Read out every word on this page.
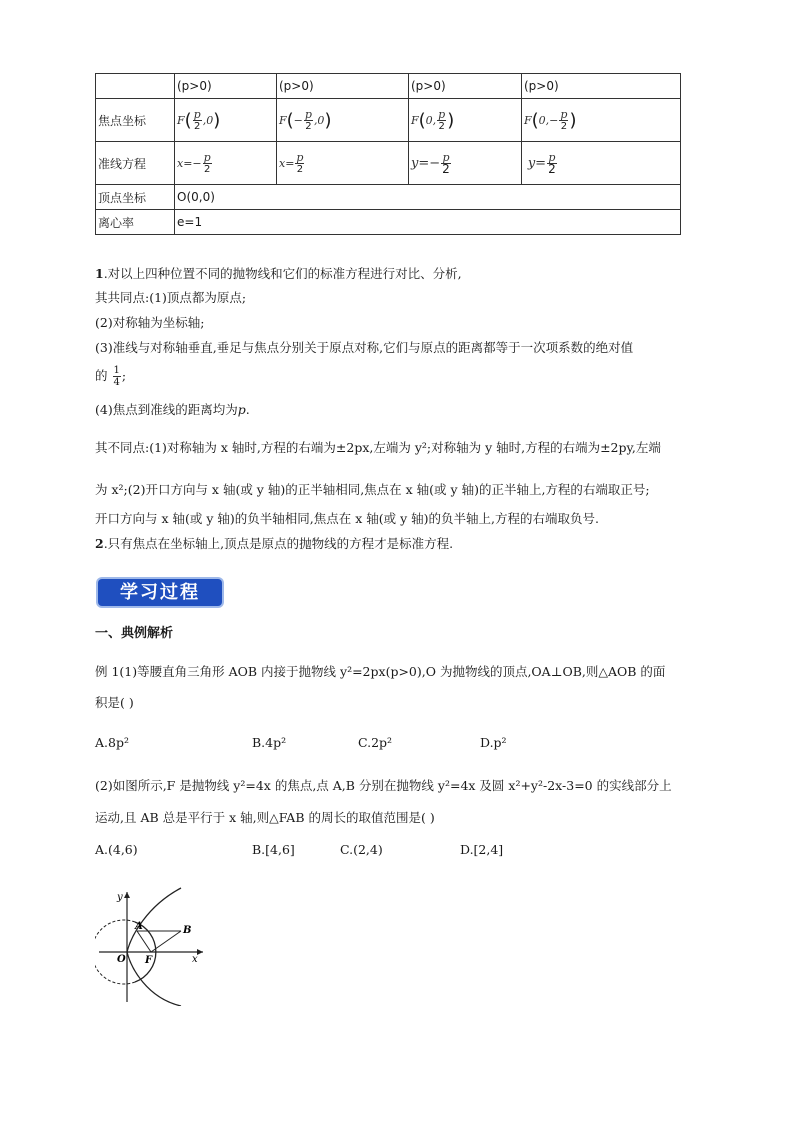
	(p>0)	(p>0)	(p>0)	(p>0)
焦点坐标	$F( \frac{p}{2} ,0)$	$F(- \frac{p}{2} ,0)$	F(0, $\frac{p}{2}$ )	$F(0,- \frac{p}{2}$ )
准线方程	$x=- \frac{p}{2}$	$x= \frac{p}{2}$	$y=- \frac{p}{2}$	$y= \frac{p}{2}$

顶点坐标	O(0,0)			
离心率	e=1			
1.对以上四种位置不同的抛物线和它们的标准方程进行对比、分析,
其共同点:(1)顶点都为原点;
(2)对称轴为坐标轴;
(3)准线与对称轴垂直,垂足与焦点分别关于原点对称,它们与原点的距离都等于一次项系数的绝对值
的 $\frac{1}{4}$ ;
(4)焦点到准线的距离均为p.
其不同点:(1)对称轴为 x 轴时,方程的右端为±2px,左端为 y²;对称轴为 y 轴时,方程的右端为±2py,左端
为 x²;(2)开口方向与 x 轴(或 y 轴)的正半轴相同,焦点在 x 轴(或 y 轴)的正半轴上,方程的右端取正号;
开口方向与 x 轴(或 y 轴)的负半轴相同,焦点在 x 轴(或 y 轴)的负半轴上,方程的右端取负号.
2.只有焦点在坐标轴上,顶点是原点的抛物线的方程才是标准方程.
学习过程
一、典例解析
例 1(1)等腰直角三角形 AOB 内接于抛物线 y²=2px(p>0),O 为抛物线的顶点,OA⊥OB,则△AOB 的面
积是( )
A.8p²	B.4p²	C.2p²	D.p²
(2)如图所示,F 是抛物线 y²=4x 的焦点,点 A,B 分别在抛物线 y²=4x 及圆 x²+y²-2x-3=0 的实线部分上
运动,且 AB 总是平行于 x 轴,则△FAB 的周长的取值范围是( )
A.(4,6)	B.[4,6]	C.(2,4)	D.[2,4]
y
x
O F
A	B
